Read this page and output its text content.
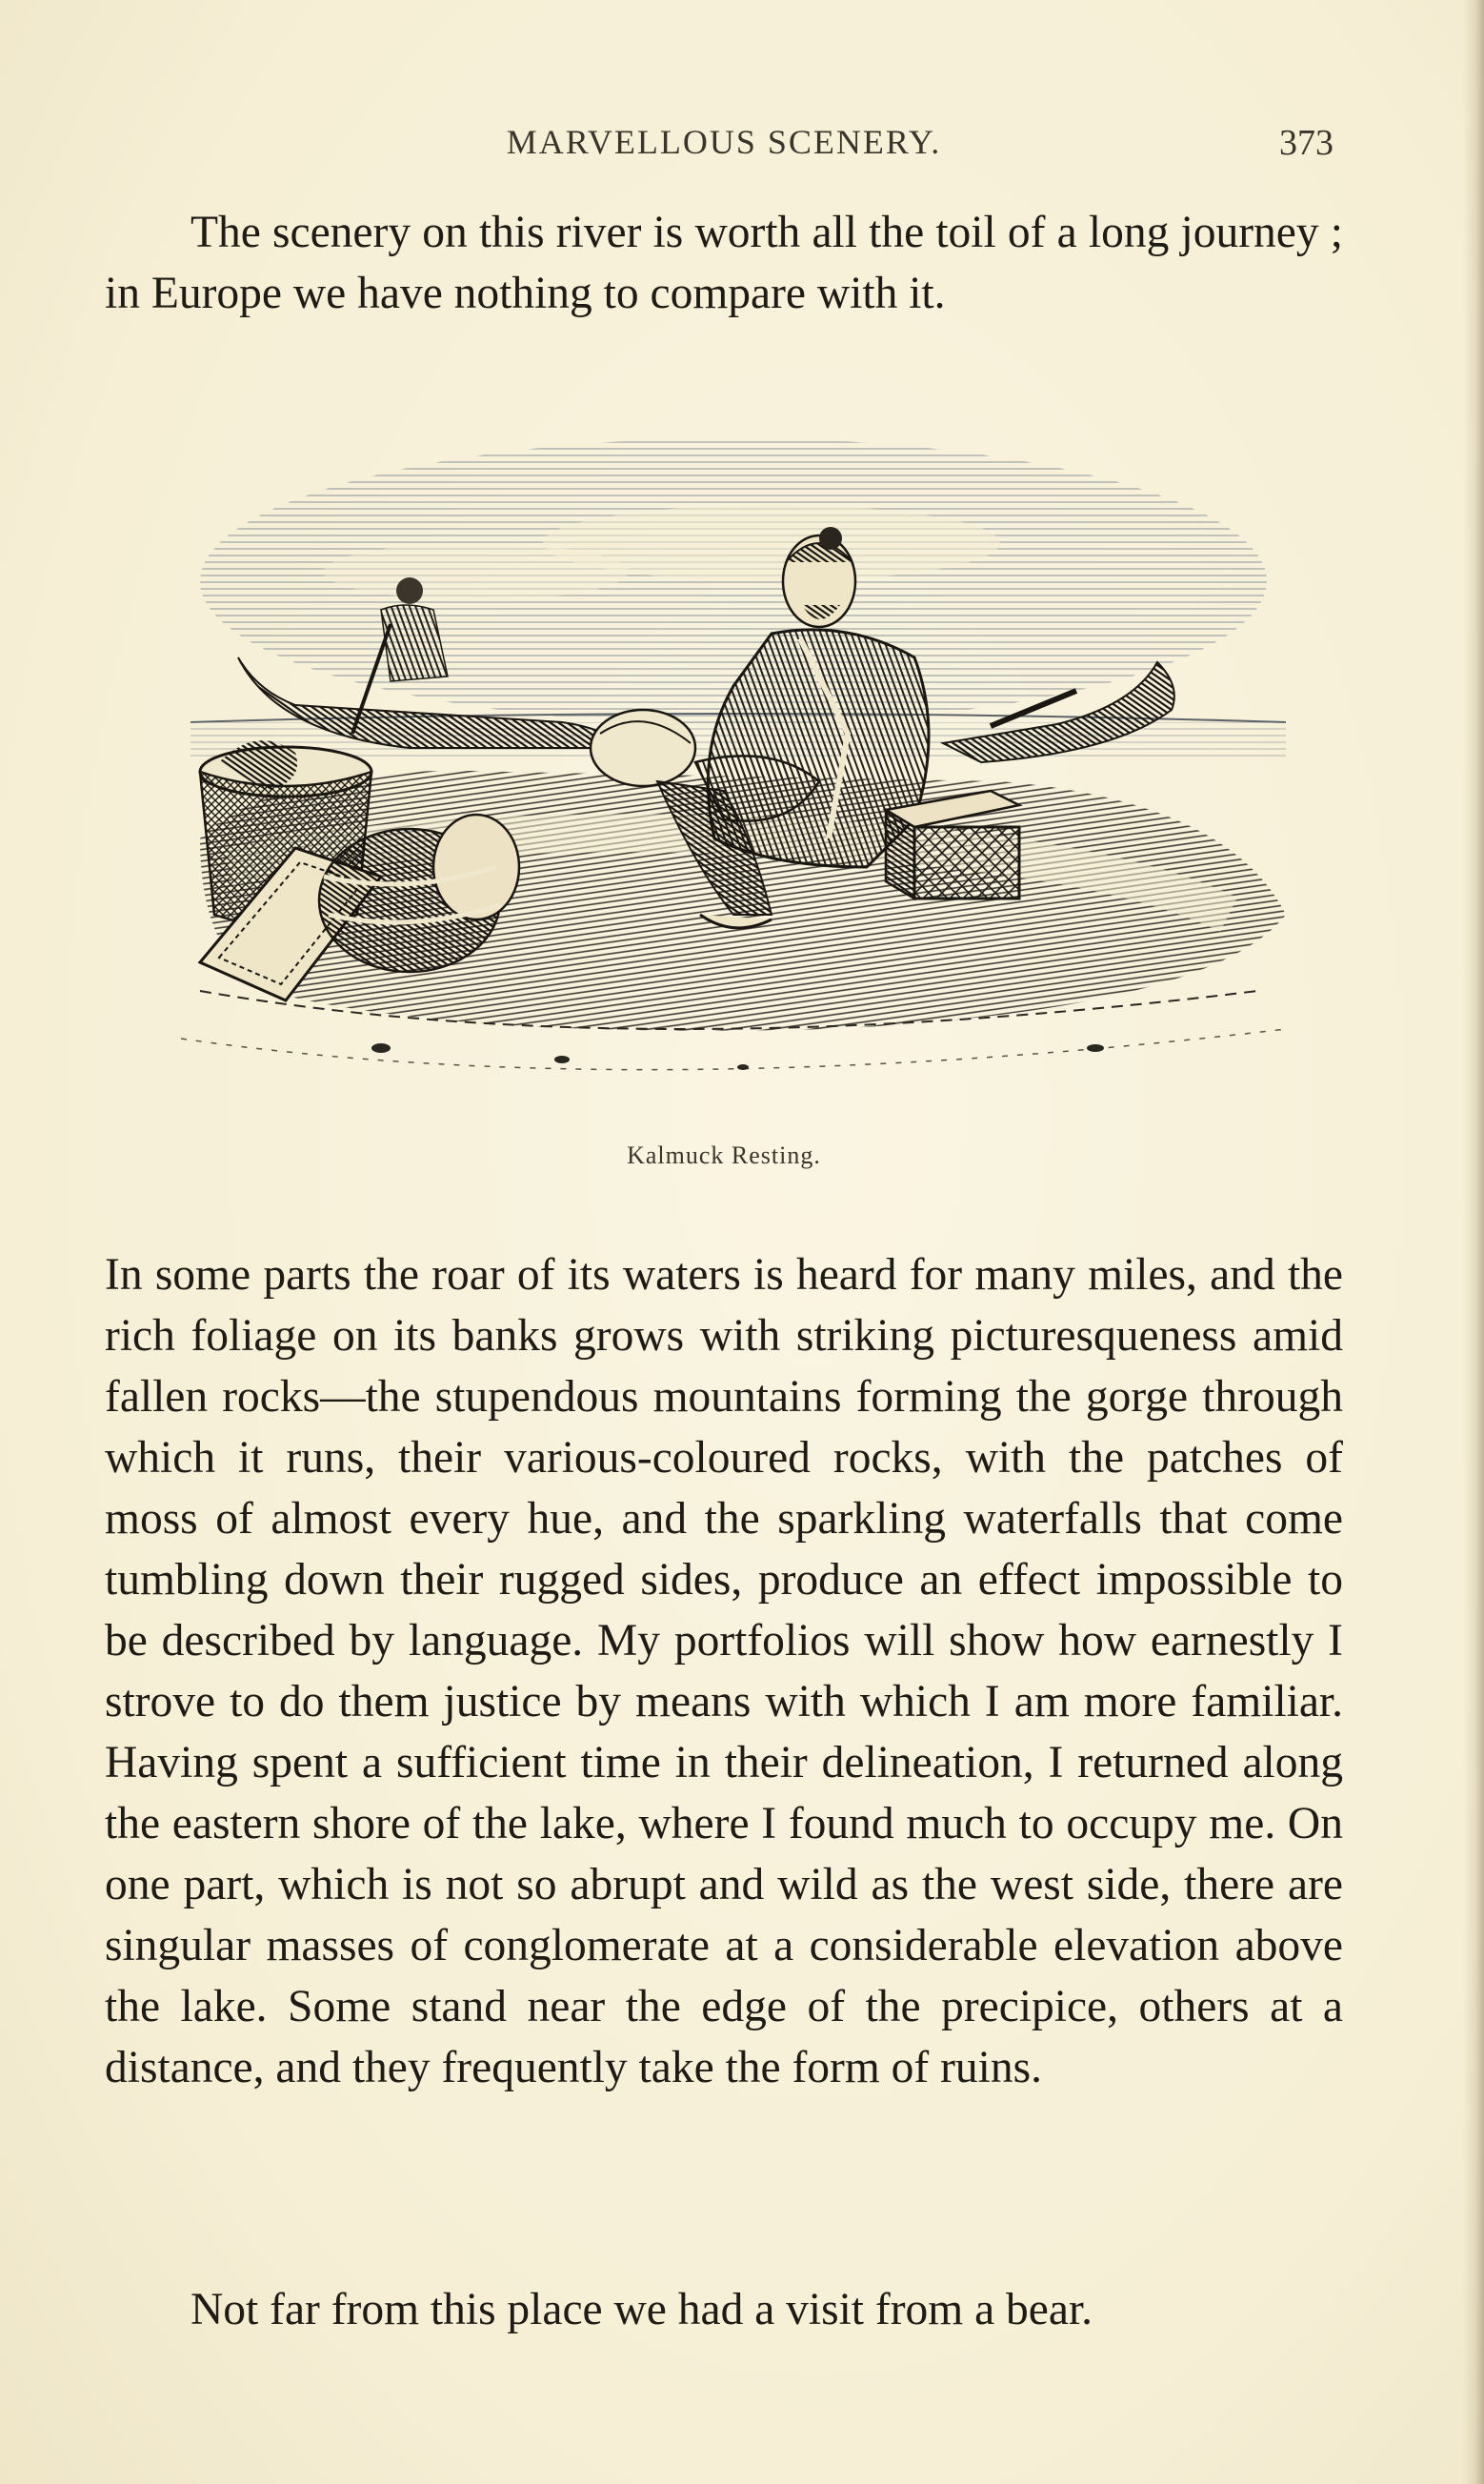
MARVELLOUS SCENERY.	373

The scenery on this river is worth all the toil of a long journey ; in Europe we have nothing to compare with it.

Kalmuck Resting.

In some parts the roar of its waters is heard for many miles, and the rich foliage on its banks grows with striking picturesqueness amid fallen rocks—the stupendous mountains forming the gorge through which it runs, their various-coloured rocks, with the patches of moss of almost every hue, and the sparkling waterfalls that come tumbling down their rugged sides, produce an effect impossible to be described by language. My portfolios will show how earnestly I strove to do them justice by means with which I am more familiar. Having spent a sufficient time in their delineation, I returned along the eastern shore of the lake, where I found much to occupy me. On one part, which is not so abrupt and wild as the west side, there are singular masses of conglomerate at a considerable elevation above the lake. Some stand near the edge of the precipice, others at a distance, and they frequently take the form of ruins.

Not far from this place we had a visit from a bear.
